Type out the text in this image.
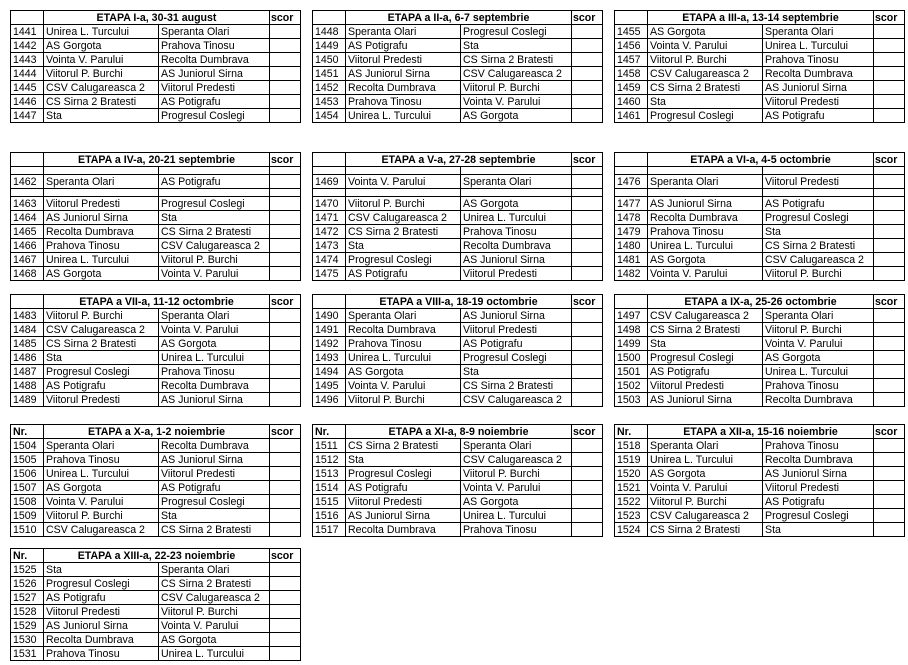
	ETAPA I-a, 30-31 august		scor
1441	Unirea L. Turcului	Speranta Olari	
1442	AS Gorgota	Prahova Tinosu	
1443	Vointa V. Parului	Recolta Dumbrava	
1444	Viitorul P. Burchi	AS Juniorul Sirna	
1445	CSV Calugareasca 2	Viitorul Predesti	
1446	CS Sirna 2 Bratesti	AS Potigrafu	
1447	Sta	Progresul Coslegi	
	ETAPA a II-a, 6-7 septembrie		scor
1448	Speranta Olari	Progresul Coslegi	
1449	AS Potigrafu	Sta	
1450	Viitorul Predesti	CS Sirna 2 Bratesti	
1451	AS Juniorul Sirna	CSV Calugareasca 2	
1452	Recolta Dumbrava	Viitorul P. Burchi	
1453	Prahova Tinosu	Vointa V. Parului	
1454	Unirea L. Turcului	AS Gorgota	
	ETAPA a III-a, 13-14 septembrie		scor
1455	AS Gorgota	Speranta Olari	
1456	Vointa V. Parului	Unirea L. Turcului	
1457	Viitorul P. Burchi	Prahova Tinosu	
1458	CSV Calugareasca 2	Recolta Dumbrava	
1459	CS Sirna 2 Bratesti	AS Juniorul Sirna	
1460	Sta	Viitorul Predesti	
1461	Progresul Coslegi	AS Potigrafu	
	ETAPA a IV-a, 20-21 septembrie		scor

1462	Speranta Olari	AS Potigrafu	

1463	Viitorul Predesti	Progresul Coslegi	
1464	AS Juniorul Sirna	Sta	
1465	Recolta Dumbrava	CS Sirna 2 Bratesti	
1466	Prahova Tinosu	CSV Calugareasca 2	
1467	Unirea L. Turcului	Viitorul P. Burchi	
1468	AS Gorgota	Vointa V. Parului	
	ETAPA a V-a, 27-28 septembrie		scor

1469	Vointa V. Parului	Speranta Olari	

1470	Viitorul P. Burchi	AS Gorgota	
1471	CSV Calugareasca 2	Unirea L. Turcului	
1472	CS Sirna 2 Bratesti	Prahova Tinosu	
1473	Sta	Recolta Dumbrava	
1474	Progresul Coslegi	AS Juniorul Sirna	
1475	AS Potigrafu	Viitorul Predesti	
	ETAPA a VI-a, 4-5 octombrie		scor

1476	Speranta Olari	Viitorul Predesti	

1477	AS Juniorul Sirna	AS Potigrafu	
1478	Recolta Dumbrava	Progresul Coslegi	
1479	Prahova Tinosu	Sta	
1480	Unirea L. Turcului	CS Sirna 2 Bratesti	
1481	AS Gorgota	CSV Calugareasca 2	
1482	Vointa V. Parului	Viitorul P. Burchi	
	ETAPA a VII-a, 11-12 octombrie		scor
1483	Viitorul P. Burchi	Speranta Olari	
1484	CSV Calugareasca 2	Vointa V. Parului	
1485	CS Sirna 2 Bratesti	AS Gorgota	
1486	Sta	Unirea L. Turcului	
1487	Progresul Coslegi	Prahova Tinosu	
1488	AS Potigrafu	Recolta Dumbrava	
1489	Viitorul Predesti	AS Juniorul Sirna	
	ETAPA a VIII-a, 18-19 octombrie		scor
1490	Speranta Olari	AS Juniorul Sirna	
1491	Recolta Dumbrava	Viitorul Predesti	
1492	Prahova Tinosu	AS Potigrafu	
1493	Unirea L. Turcului	Progresul Coslegi	
1494	AS Gorgota	Sta	
1495	Vointa V. Parului	CS Sirna 2 Bratesti	
1496	Viitorul P. Burchi	CSV Calugareasca 2	
	ETAPA a IX-a, 25-26 octombrie		scor
1497	CSV Calugareasca 2	Speranta Olari	
1498	CS Sirna 2 Bratesti	Viitorul P. Burchi	
1499	Sta	Vointa V. Parului	
1500	Progresul Coslegi	AS Gorgota	
1501	AS Potigrafu	Unirea L. Turcului	
1502	Viitorul Predesti	Prahova Tinosu	
1503	AS Juniorul Sirna	Recolta Dumbrava	
Nr.	ETAPA a X-a, 1-2 noiembrie		scor
1504	Speranta Olari	Recolta Dumbrava	
1505	Prahova Tinosu	AS Juniorul Sirna	
1506	Unirea L. Turcului	Viitorul Predesti	
1507	AS Gorgota	AS Potigrafu	
1508	Vointa V. Parului	Progresul Coslegi	
1509	Viitorul P. Burchi	Sta	
1510	CSV Calugareasca 2	CS Sirna 2 Bratesti	
Nr.	ETAPA a XI-a, 8-9 noiembrie		scor
1511	CS Sirna 2 Bratesti	Speranta Olari	
1512	Sta	CSV Calugareasca 2	
1513	Progresul Coslegi	Viitorul P. Burchi	
1514	AS Potigrafu	Vointa V. Parului	
1515	Viitorul Predesti	AS Gorgota	
1516	AS Juniorul Sirna	Unirea L. Turcului	
1517	Recolta Dumbrava	Prahova Tinosu	
Nr.	ETAPA a XII-a, 15-16 noiembrie		scor
1518	Speranta Olari	Prahova Tinosu	
1519	Unirea L. Turcului	Recolta Dumbrava	
1520	AS Gorgota	AS Juniorul Sirna	
1521	Vointa V. Parului	Viitorul Predesti	
1522	Viitorul P. Burchi	AS Potigrafu	
1523	CSV Calugareasca 2	Progresul Coslegi	
1524	CS Sirna 2 Bratesti	Sta	
Nr.	ETAPA a XIII-a, 22-23 noiembrie		scor
1525	Sta	Speranta Olari	
1526	Progresul Coslegi	CS Sirna 2 Bratesti	
1527	AS Potigrafu	CSV Calugareasca 2	
1528	Viitorul Predesti	Viitorul P. Burchi	
1529	AS Juniorul Sirna	Vointa V. Parului	
1530	Recolta Dumbrava	AS Gorgota	
1531	Prahova Tinosu	Unirea L. Turcului	
